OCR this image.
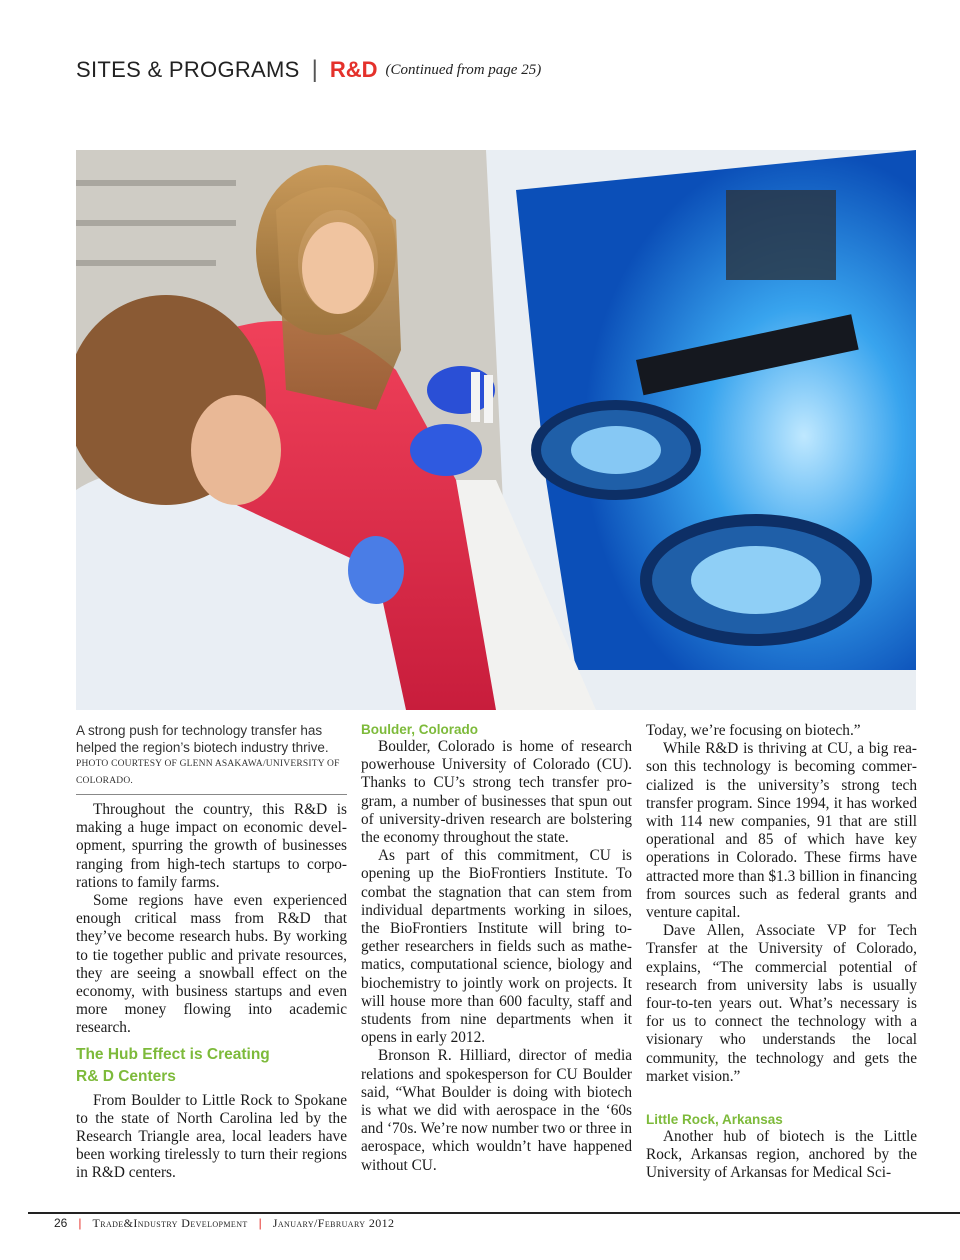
SITES & PROGRAMS | R&D (Continued from page 25)
A strong push for technology transfer has helped the region’s biotech industry thrive.
PHOTO COURTESY OF GLENN ASAKAWA/UNIVERSITY OF COLORADO.

Throughout the country, this R&D is making a huge impact on economic development, spurring the growth of businesses ranging from high-tech startups to corporations to family farms.

Some regions have even experienced enough critical mass from R&D that they’ve become research hubs. By working to tie together public and private resources, they are seeing a snowball effect on the economy, with business startups and even more money flowing into academic research.

The Hub Effect is Creating
R& D Centers

From Boulder to Little Rock to Spokane to the state of North Carolina led by the Research Triangle area, local leaders have been working tirelessly to turn their regions in R&D centers.

Boulder, Colorado

Boulder, Colorado is home of research powerhouse University of Colorado (CU). Thanks to CU’s strong tech transfer program, a number of businesses that spun out of university-driven research are bolstering the economy throughout the state.

As part of this commitment, CU is opening up the BioFrontiers Institute. To combat the stagnation that can stem from individual departments working in siloes, the BioFrontiers Institute will bring together researchers in fields such as mathematics, computational science, biology and biochemistry to jointly work on projects. It will house more than 600 faculty, staff and students from nine departments when it opens in early 2012.

Bronson R. Hilliard, director of media relations and spokesperson for CU Boulder said, “What Boulder is doing with biotech is what we did with aerospace in the ‘60s and ‘70s. We’re now number two or three in aerospace, which wouldn’t have happened without CU.

Today, we’re focusing on biotech.”

While R&D is thriving at CU, a big reason this technology is becoming commercialized is the university’s strong tech transfer program. Since 1994, it has worked with 114 new companies, 91 that are still operational and 85 of which have key operations in Colorado. These firms have attracted more than $1.3 billion in financing from sources such as federal grants and venture capital.

Dave Allen, Associate VP for Tech Transfer at the University of Colorado, explains, “The commercial potential of research from university labs is usually four-to-ten years out. What’s necessary is for us to connect the technology with a visionary who understands the local community, the technology and gets the market vision.”

Little Rock, Arkansas

Another hub of biotech is the Little Rock, Arkansas region, anchored by the University of Arkansas for Medical Sci-

26 | Trade&Industry Development | January/February 2012
